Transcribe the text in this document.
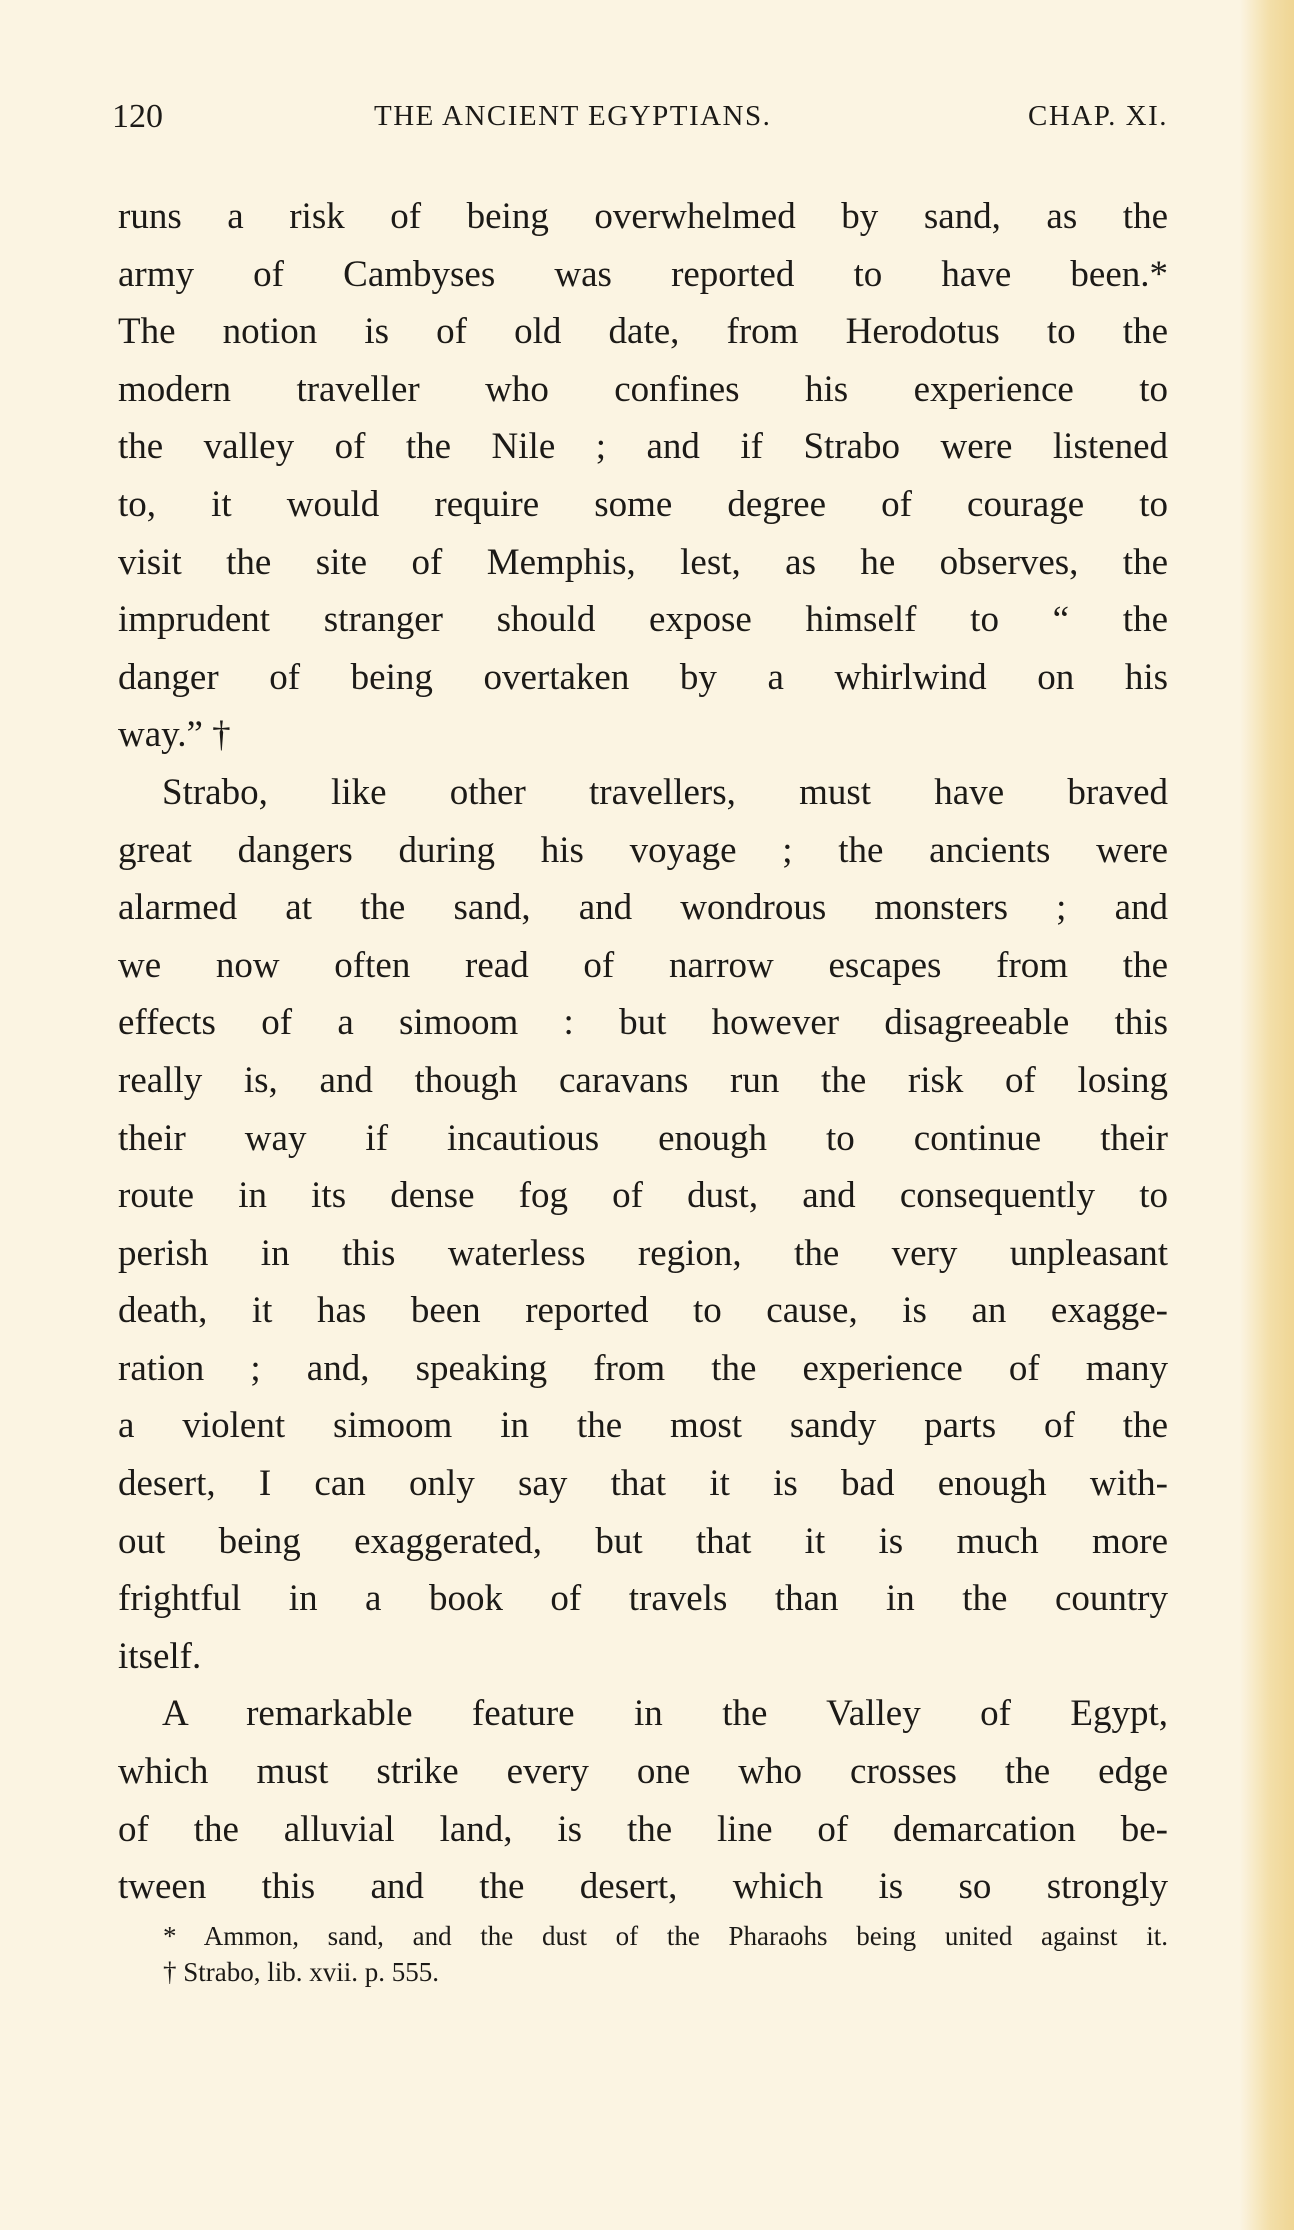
120	THE ANCIENT EGYPTIANS.	CHAP. XI.
runs a risk of being overwhelmed by sand, as the
army of Cambyses was reported to have been.*
The notion is of old date, from Herodotus to the
modern traveller who confines his experience to
the valley of the Nile ; and if Strabo were listened
to, it would require some degree of courage to
visit the site of Memphis, lest, as he observes, the
imprudent stranger should expose himself to “ the
danger of being overtaken by a whirlwind on his
way.” †
Strabo, like other travellers, must have braved
great dangers during his voyage ; the ancients were
alarmed at the sand, and wondrous monsters ; and
we now often read of narrow escapes from the
effects of a simoom : but however disagreeable this
really is, and though caravans run the risk of losing
their way if incautious enough to continue their
route in its dense fog of dust, and consequently to
perish in this waterless region, the very unpleasant
death, it has been reported to cause, is an exagge-
ration ; and, speaking from the experience of many
a violent simoom in the most sandy parts of the
desert, I can only say that it is bad enough with-
out being exaggerated, but that it is much more
frightful in a book of travels than in the country
itself.
A remarkable feature in the Valley of Egypt,
which must strike every one who crosses the edge
of the alluvial land, is the line of demarcation be-
tween this and the desert, which is so strongly
* Ammon, sand, and the dust of the Pharaohs being united against it.
† Strabo, lib. xvii. p. 555.
